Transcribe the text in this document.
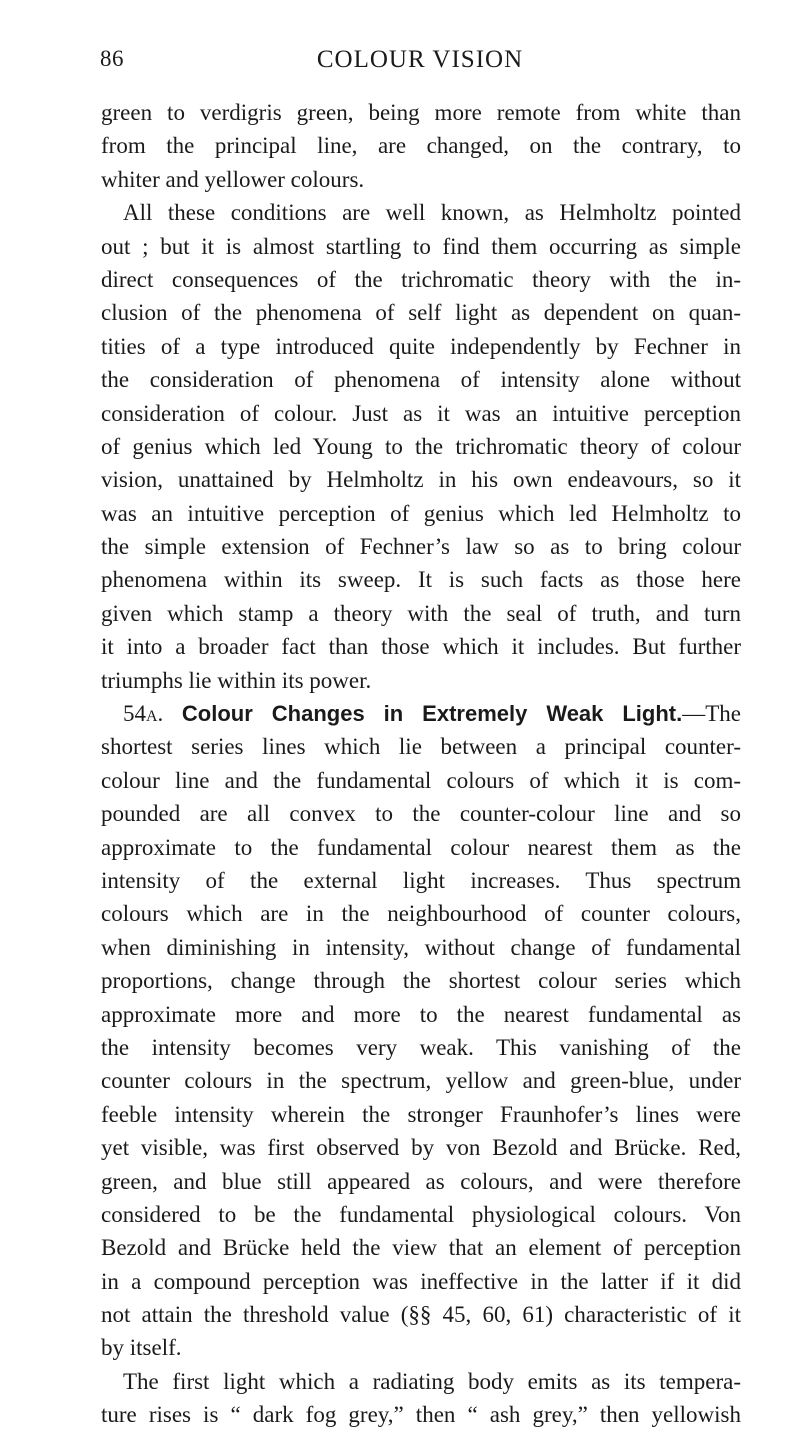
86	COLOUR VISION
green to verdigris green, being more remote from white than
from the principal line, are changed, on the contrary, to
whiter and yellower colours.
All these conditions are well known, as Helmholtz pointed
out ; but it is almost startling to find them occurring as simple
direct consequences of the trichromatic theory with the in-
clusion of the phenomena of self light as dependent on quan-
tities of a type introduced quite independently by Fechner in
the consideration of phenomena of intensity alone without
consideration of colour. Just as it was an intuitive perception
of genius which led Young to the trichromatic theory of colour
vision, unattained by Helmholtz in his own endeavours, so it
was an intuitive perception of genius which led Helmholtz to
the simple extension of Fechner’s law so as to bring colour
phenomena within its sweep. It is such facts as those here
given which stamp a theory with the seal of truth, and turn
it into a broader fact than those which it includes. But further
triumphs lie within its power.
54a. Colour Changes in Extremely Weak Light.—The
shortest series lines which lie between a principal counter-
colour line and the fundamental colours of which it is com-
pounded are all convex to the counter-colour line and so
approximate to the fundamental colour nearest them as the
intensity of the external light increases. Thus spectrum
colours which are in the neighbourhood of counter colours,
when diminishing in intensity, without change of fundamental
proportions, change through the shortest colour series which
approximate more and more to the nearest fundamental as
the intensity becomes very weak. This vanishing of the
counter colours in the spectrum, yellow and green-blue, under
feeble intensity wherein the stronger Fraunhofer’s lines were
yet visible, was first observed by von Bezold and Brücke. Red,
green, and blue still appeared as colours, and were therefore
considered to be the fundamental physiological colours. Von
Bezold and Brücke held the view that an element of perception
in a compound perception was ineffective in the latter if it did
not attain the threshold value (§§ 45, 60, 61) characteristic of it
by itself.
The first light which a radiating body emits as its tempera-
ture rises is “ dark fog grey,” then “ ash grey,” then yellowish
